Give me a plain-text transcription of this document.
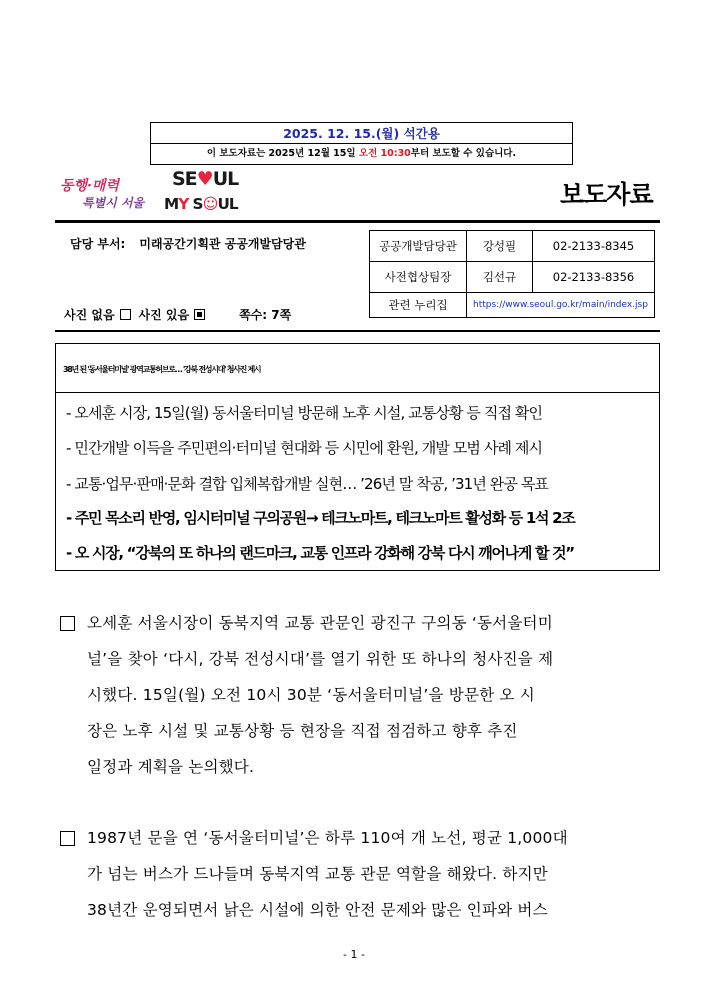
2025. 12. 15.(월) 석간용
이 보도자료는 2025년 12월 15일 오전 10:30부터 보도할 수 있습니다.
동행·매력
특별시 서울
SE♥UL
MY S☺UL	보도자료
담당 부서: 미래공간기획관 공공개발담당관	공공개발담당관	강성필	02-2133-8345
사전협상팀장	김선규	02-2133-8356
관련 누리집	https://www.seoul.go.kr/main/index.jsp	
사진 없음 사진 있음	쪽수: 7쪽
38년 된 '동서울터미널' 광역교통허브로… '강북 전성시대' 청사진 제시
- 오세훈 시장, 15일(월) 동서울터미널 방문해 노후 시설, 교통상황 등 직접 확인
- 민간개발 이득을 주민편의·터미널 현대화 등 시민에 환원, 개발 모범 사례 제시
- 교통·업무·판매·문화 결합 입체복합개발 실현… ’26년 말 착공, ’31년 완공 목표
- 주민 목소리 반영, 임시터미널 구의공원→ 테크노마트, 테크노마트 활성화 등 1석 2조
- 오 시장, “강북의 또 하나의 랜드마크, 교통 인프라 강화해 강북 다시 깨어나게 할 것”
오세훈 서울시장이 동북지역 교통 관문인 광진구 구의동 ‘동서울터미
널’을 찾아 ‘다시, 강북 전성시대’를 열기 위한 또 하나의 청사진을 제
시했다. 15일(월) 오전 10시 30분 ‘동서울터미널’을 방문한 오 시
장은 노후 시설 및 교통상황 등 현장을 직접 점검하고 향후 추진
일정과 계획을 논의했다.
1987년 문을 연 ‘동서울터미널’은 하루 110여 개 노선, 평균 1,000대
가 넘는 버스가 드나들며 동북지역 교통 관문 역할을 해왔다. 하지만
38년간 운영되면서 낡은 시설에 의한 안전 문제와 많은 인파와 버스
- 1 -
